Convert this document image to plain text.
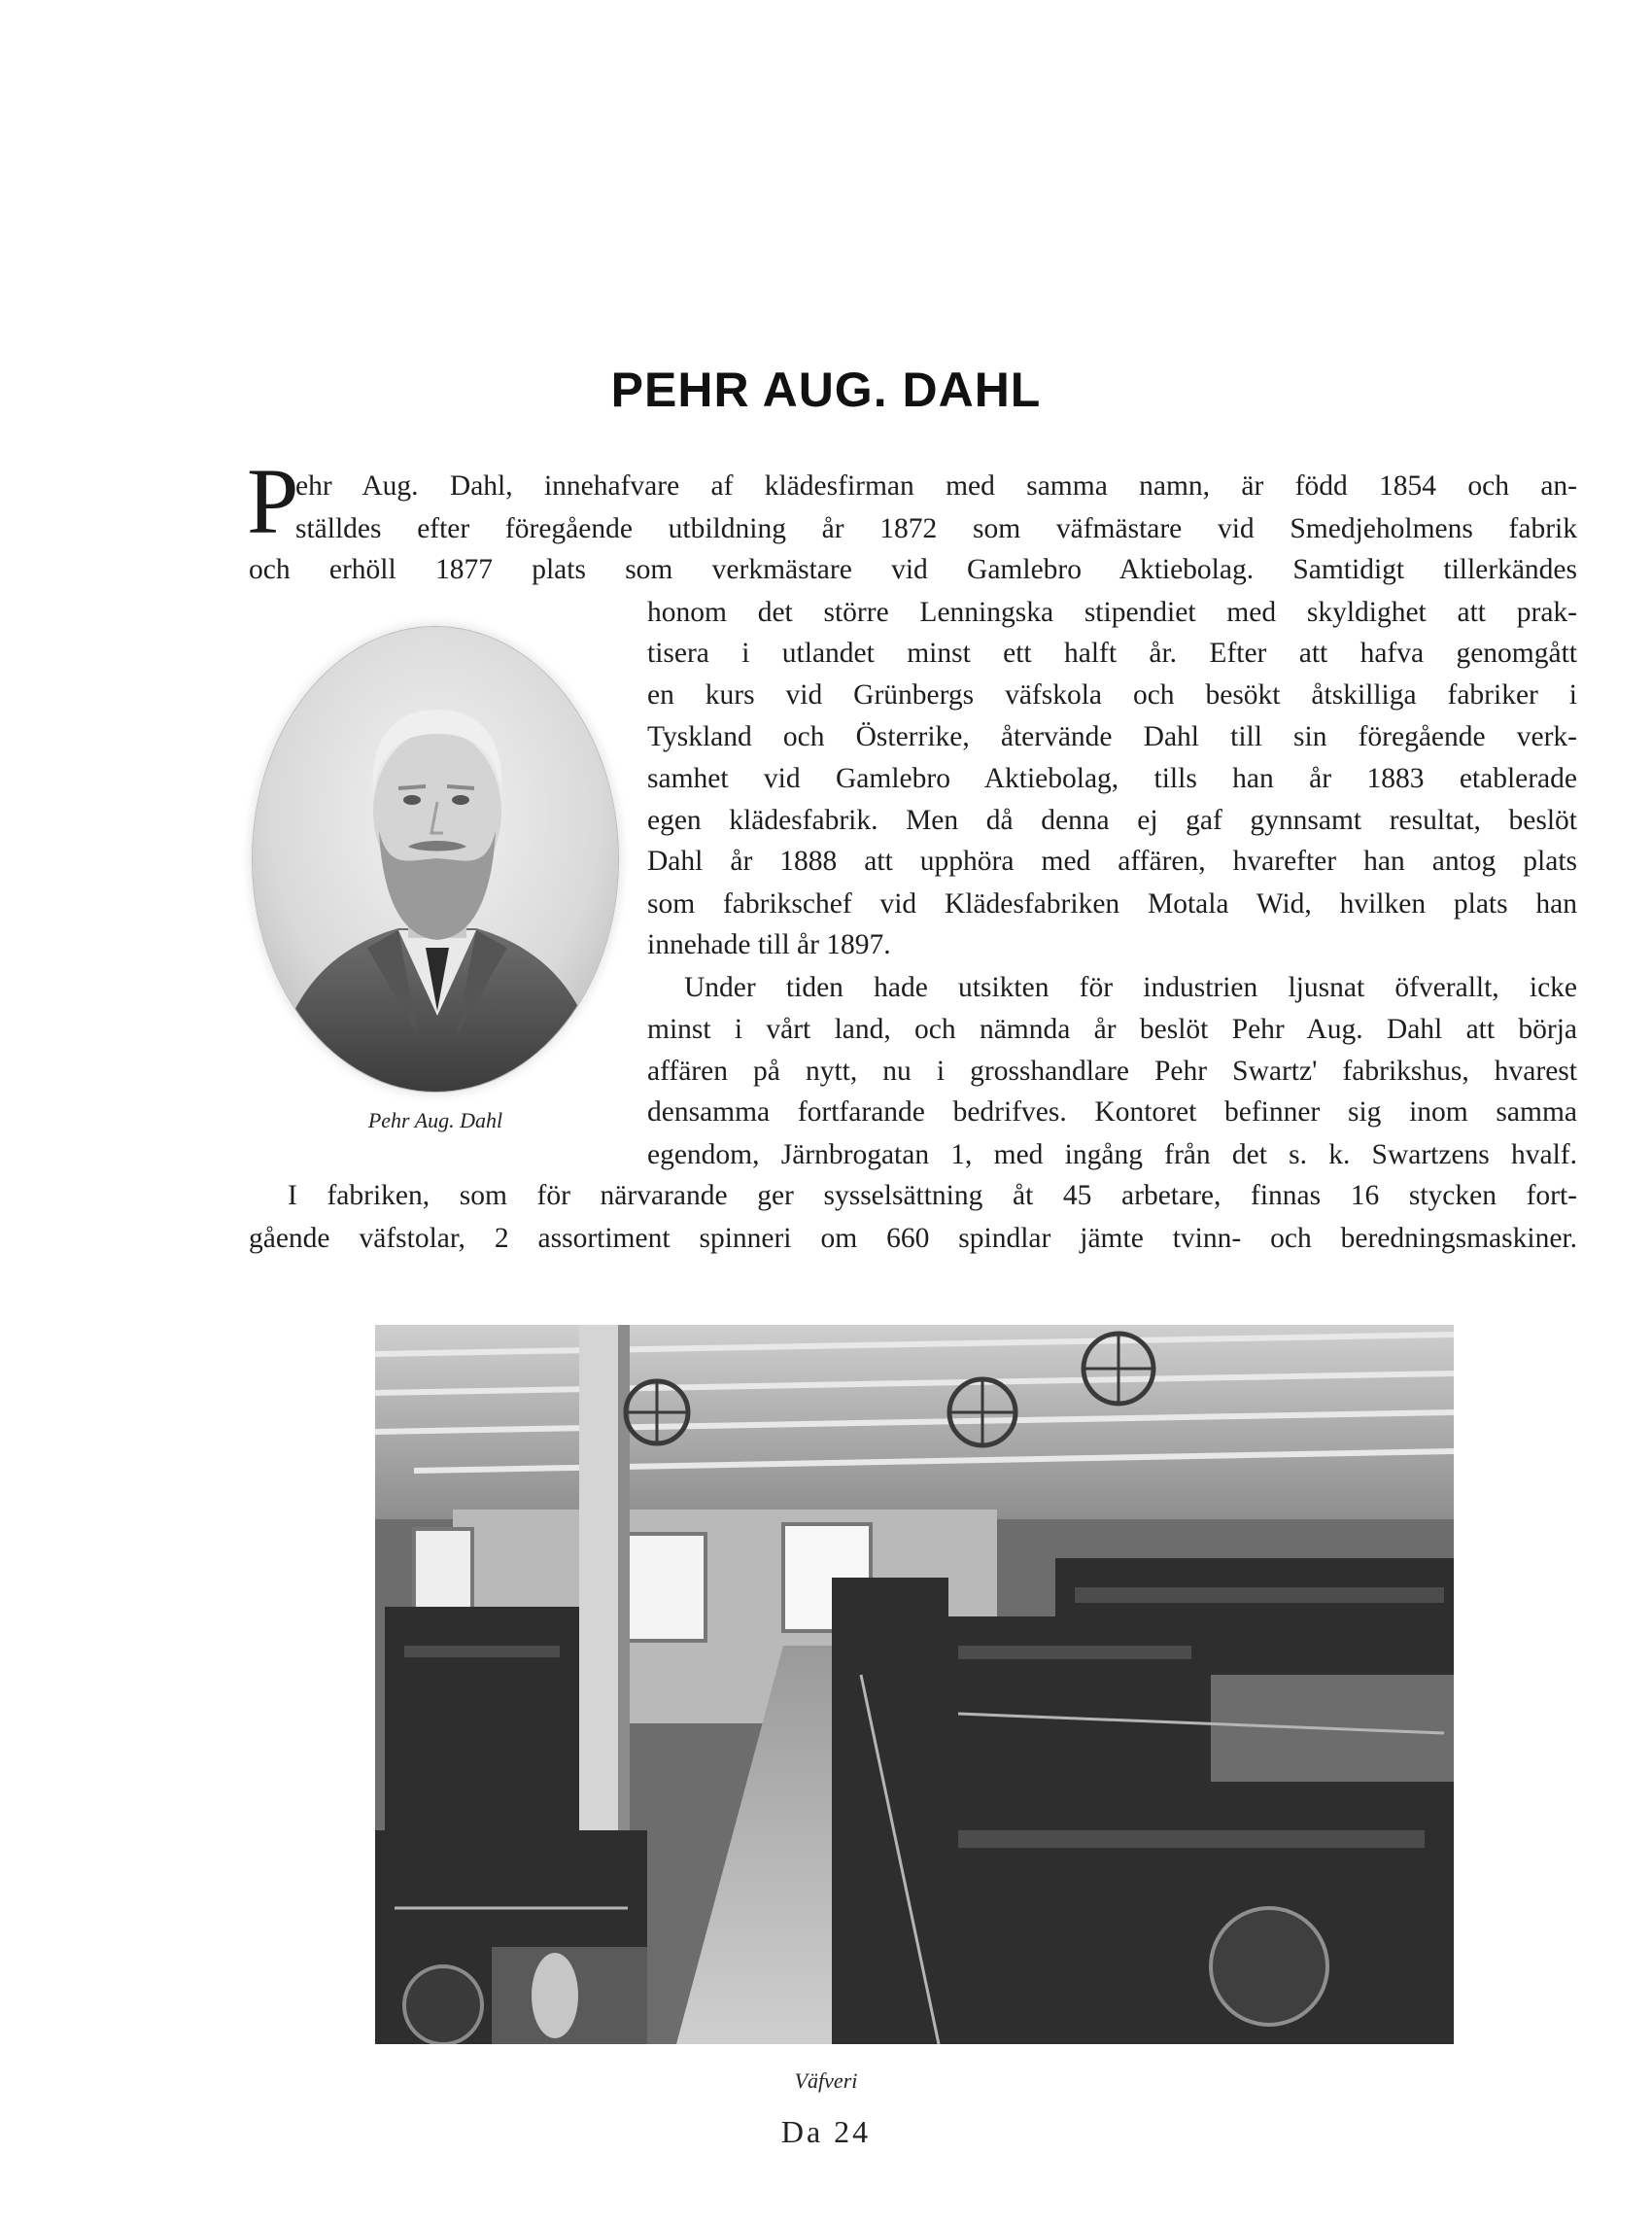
PEHR AUG. DAHL
P

ehr Aug. Dahl, innehafvare af klädesfirman med samma namn, är född 1854 och an-

ställdes efter föregående utbildning år 1872 som väfmästare vid Smedjeholmens fabrik

och erhöll 1877 plats som verkmästare vid Gamlebro Aktiebolag. Samtidigt tillerkändes

honom det större Lenningska stipendiet med skyldighet att prak-

tisera i utlandet minst ett halft år. Efter att hafva genomgått

en kurs vid Grünbergs väfskola och besökt åtskilliga fabriker i

Tyskland och Österrike, återvände Dahl till sin föregående verk-

samhet vid Gamlebro Aktiebolag, tills han år 1883 etablerade

egen klädesfabrik. Men då denna ej gaf gynnsamt resultat, beslöt

Dahl år 1888 att upphöra med affären, hvarefter han antog plats

som fabrikschef vid Klädesfabriken Motala Wid, hvilken plats han

innehade till år 1897.

Under tiden hade utsikten för industrien ljusnat öfverallt, icke

minst i vårt land, och nämnda år beslöt Pehr Aug. Dahl att börja

affären på nytt, nu i grosshandlare Pehr Swartz' fabrikshus, hvarest

densamma fortfarande bedrifves. Kontoret befinner sig inom samma

egendom, Järnbrogatan 1, med ingång från det s. k. Swartzens hvalf.

I fabriken, som för närvarande ger sysselsättning åt 45 arbetare, finnas 16 stycken fort-

gående väfstolar, 2 assortiment spinneri om 660 spindlar jämte tvinn- och beredningsmaskiner.

Pehr Aug. Dahl

Väfveri

Da 24
